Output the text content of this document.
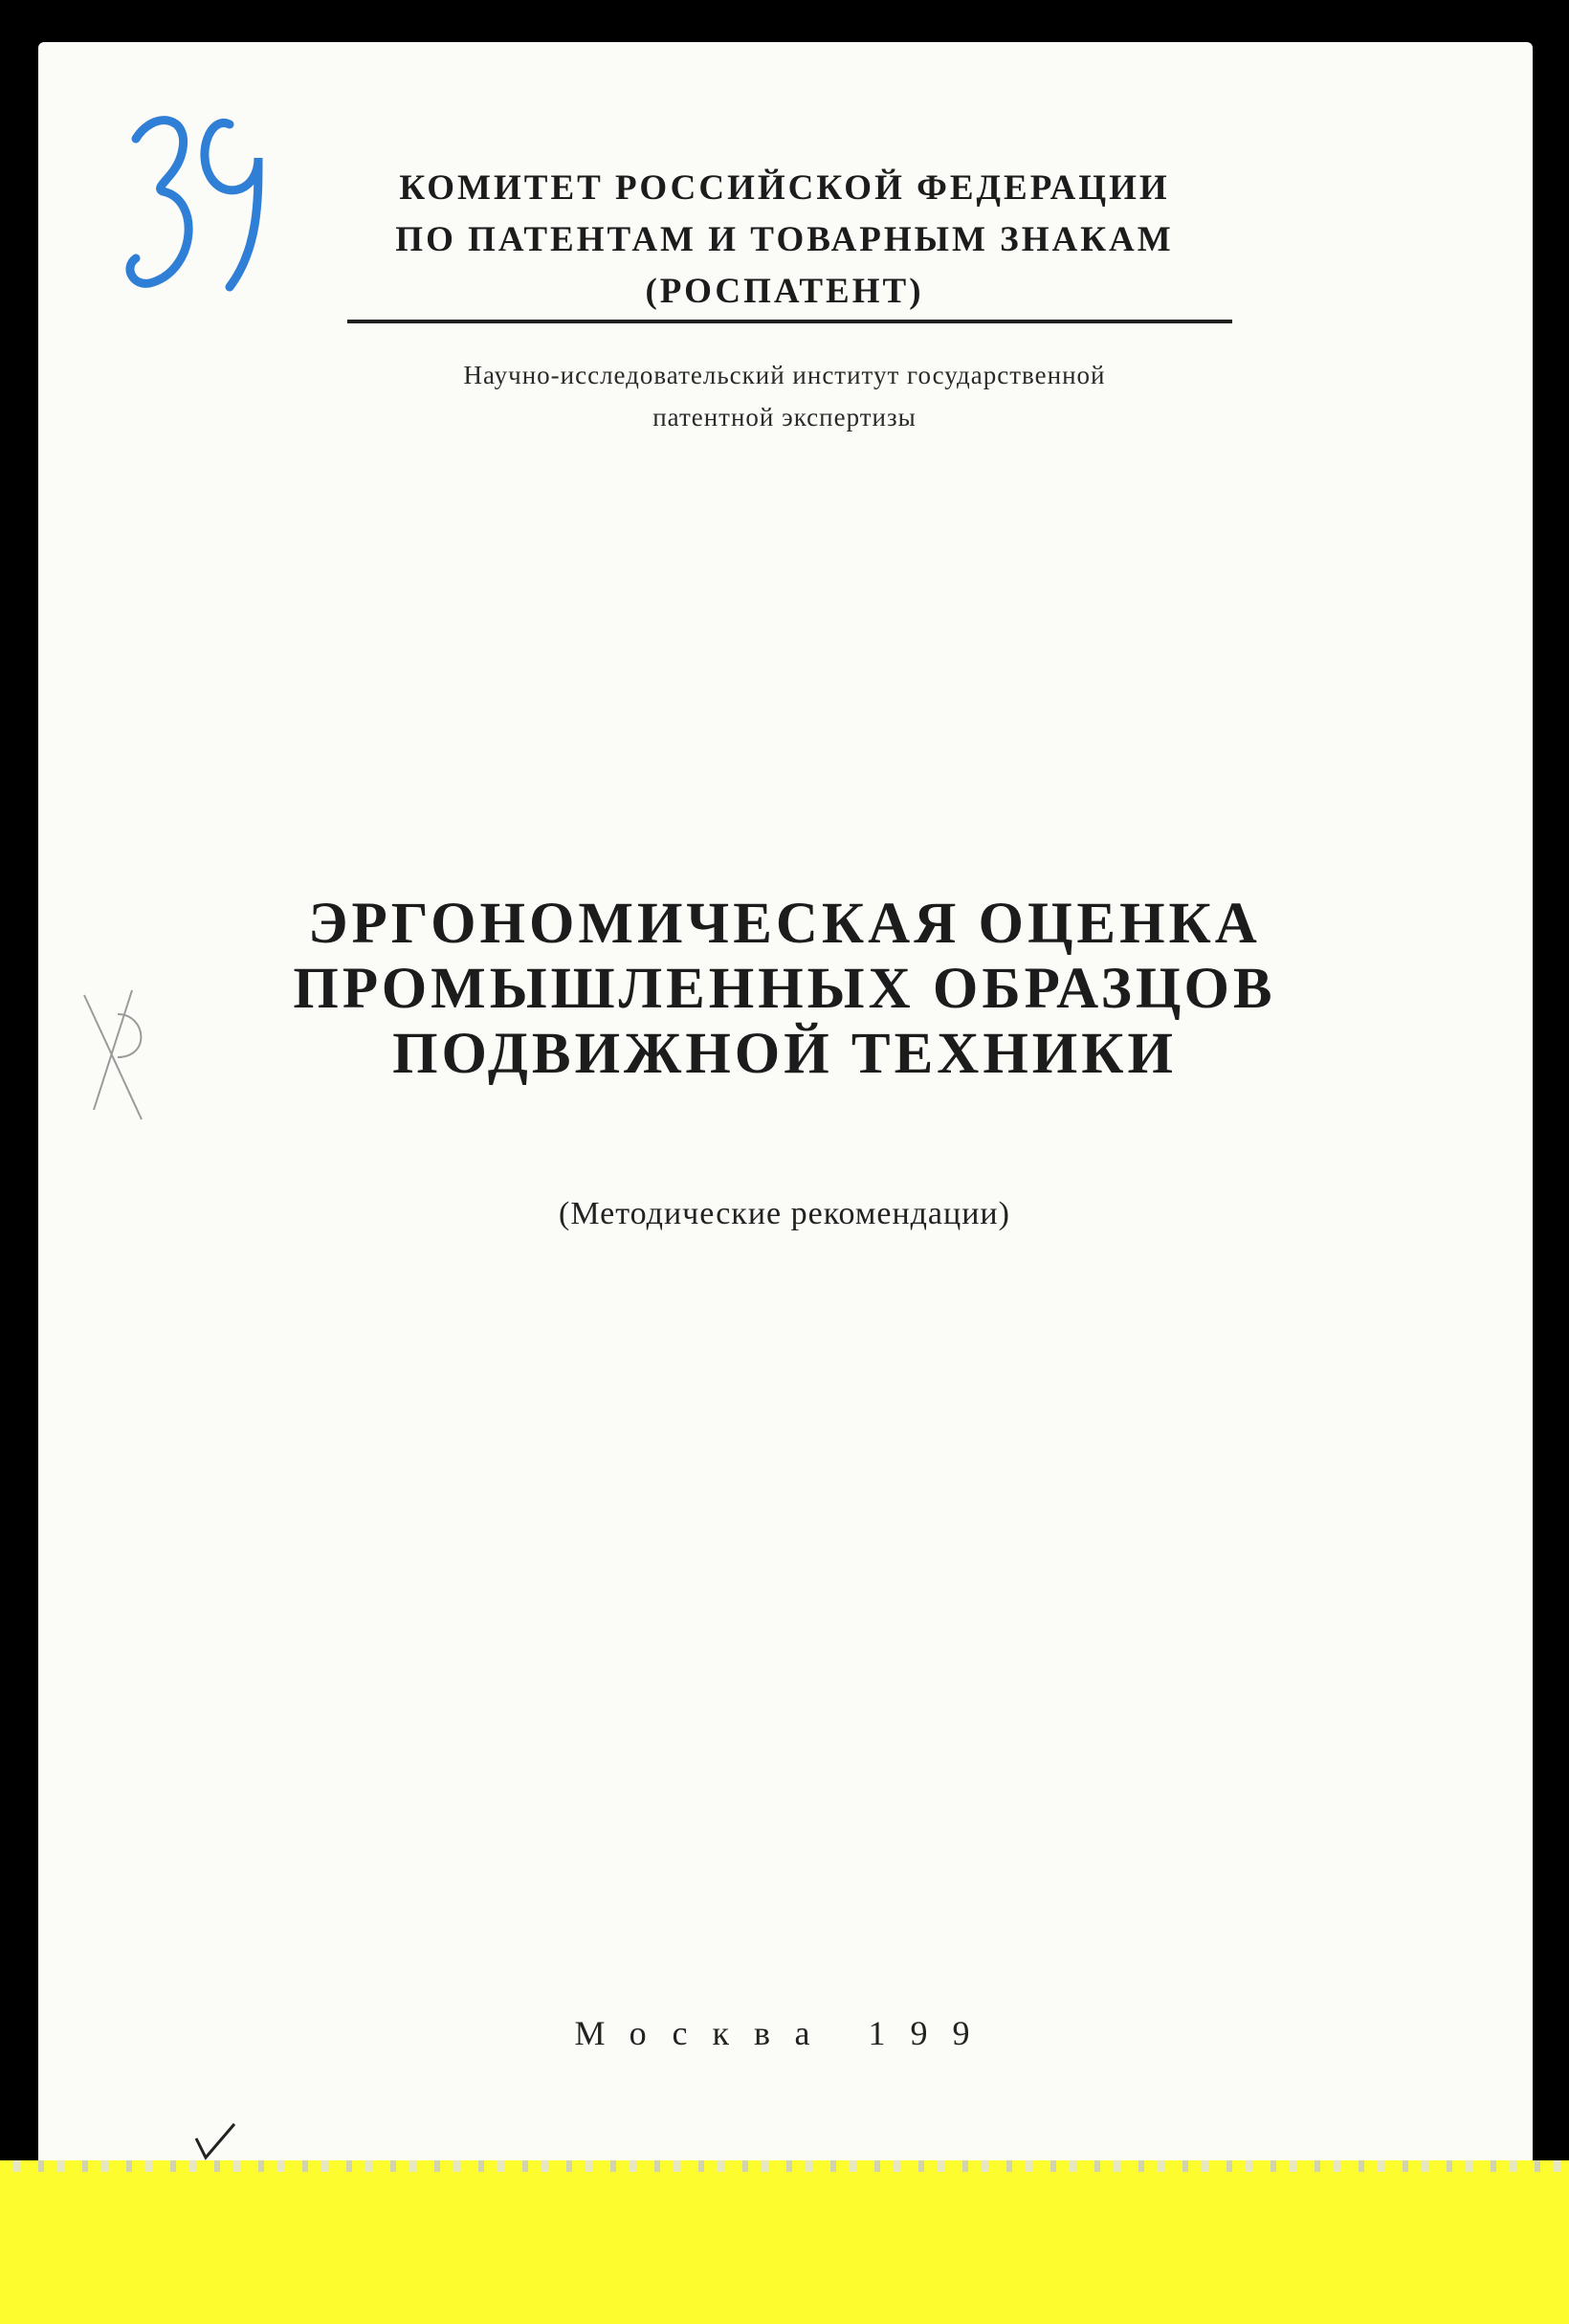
КОМИТЕТ РОССИЙСКОЙ ФЕДЕРАЦИИ
ПО ПАТЕНТАМ И ТОВАРНЫМ ЗНАКАМ
(РОСПАТЕНТ)
Научно-исследовательский институт государственной
патентной экспертизы
ЭРГОНОМИЧЕСКАЯ ОЦЕНКА
ПРОМЫШЛЕННЫХ ОБРАЗЦОВ
ПОДВИЖНОЙ ТЕХНИКИ
(Методические рекомендации)
Москва 199
